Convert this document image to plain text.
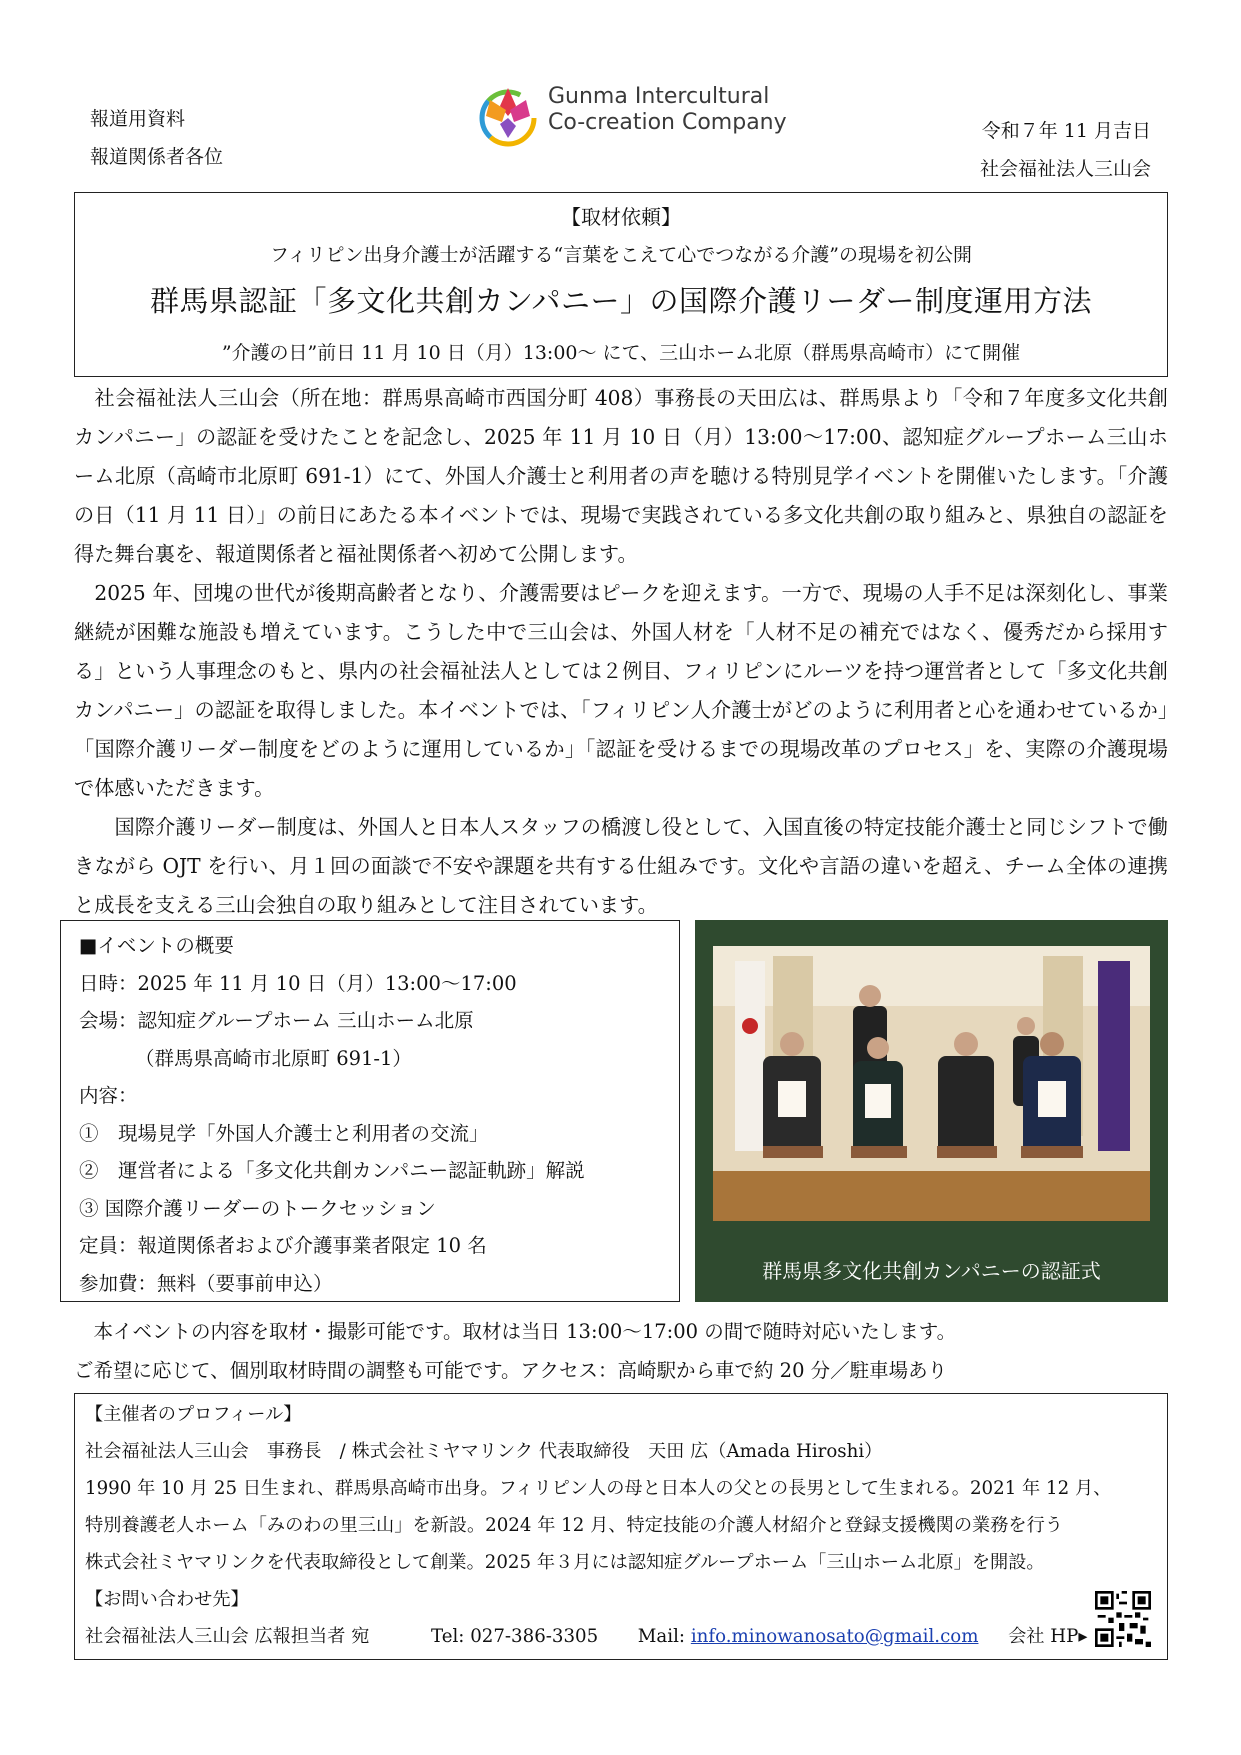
報道用資料
報道関係者各位
Gunma Intercultural
Co-creation Company	令和７年 11 月吉日
社会福祉法人三山会
【取材依頼】
フィリピン出身介護士が活躍する“言葉をこえて心でつながる介護”の現場を初公開
群馬県認証「多文化共創カンパニー」の国際介護リーダー制度運用方法
”介護の日”前日 11 月 10 日（月）13:00～ にて、三山ホーム北原（群馬県高崎市）にて開催

　社会福祉法人三山会（所在地：群馬県高崎市西国分町 408）事務長の天田広は、群馬県より「令和７年度多文化共創カンパニー」の認証を受けたことを記念し、2025 年 11 月 10 日（月）13:00～17:00、認知症グループホーム三山ホーム北原（高崎市北原町 691-1）にて、外国人介護士と利用者の声を聴ける特別見学イベントを開催いたします。「介護の日（11 月 11 日）」の前日にあたる本イベントでは、現場で実践されている多文化共創の取り組みと、県独自の認証を得た舞台裏を、報道関係者と福祉関係者へ初めて公開します。

　2025 年、団塊の世代が後期高齢者となり、介護需要はピークを迎えます。一方で、現場の人手不足は深刻化し、事業継続が困難な施設も増えています。こうした中で三山会は、外国人材を「人材不足の補充ではなく、優秀だから採用する」という人事理念のもと、県内の社会福祉法人としては２例目、フィリピンにルーツを持つ運営者として「多文化共創カンパニー」の認証を取得しました。本イベントでは、「フィリピン人介護士がどのように利用者と心を通わせているか」「国際介護リーダー制度をどのように運用しているか」「認証を受けるまでの現場改革のプロセス」を、実際の介護現場で体感いただきます。

　　国際介護リーダー制度は、外国人と日本人スタッフの橋渡し役として、入国直後の特定技能介護士と同じシフトで働きながら OJT を行い、月１回の面談で不安や課題を共有する仕組みです。文化や言語の違いを超え、チーム全体の連携と成長を支える三山会独自の取り組みとして注目されています。

■イベントの概要
日時：2025 年 11 月 10 日（月）13:00～17:00
会場：認知症グループホーム 三山ホーム北原
（群馬県高崎市北原町 691-1）
内容：
①　現場見学「外国人介護士と利用者の交流」
②　運営者による「多文化共創カンパニー認証軌跡」解説
③ 国際介護リーダーのトークセッション
定員：報道関係者および介護事業者限定 10 名
参加費：無料（要事前申込）	群馬県多文化共創カンパニーの認証式
　本イベントの内容を取材・撮影可能です。取材は当日 13:00～17:00 の間で随時対応いたします。
ご希望に応じて、個別取材時間の調整も可能です。アクセス：高崎駅から車で約 20 分／駐車場あり
【主催者のプロフィール】
社会福祉法人三山会　事務長　/ 株式会社ミヤマリンク 代表取締役　天田 広（Amada Hiroshi）
1990 年 10 月 25 日生まれ、群馬県高崎市出身。フィリピン人の母と日本人の父との長男として生まれる。2021 年 12 月、
特別養護老人ホーム「みのわの里三山」を新設。2024 年 12 月、特定技能の介護人材紹介と登録支援機関の業務を行う
株式会社ミヤマリンクを代表取締役として創業。2025 年３月には認知症グループホーム「三山ホーム北原」を開設。
【お問い合わせ先】
社会福祉法人三山会 広報担当者 宛	Tel: 027-386-3305 Mail: info.minowanosato@gmail.com 会社 HP▸
